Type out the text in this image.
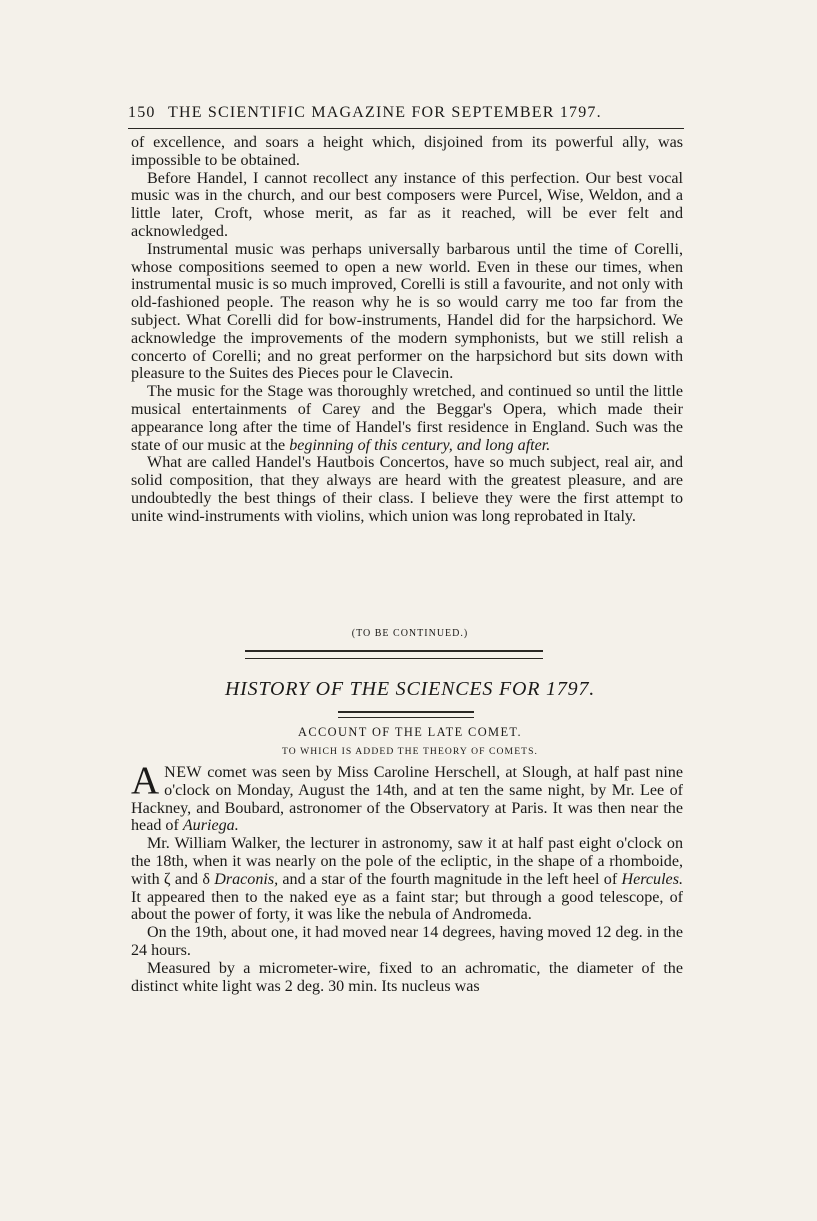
150 THE SCIENTIFIC MAGAZINE FOR SEPTEMBER 1797.

of excellence, and soars a height which, disjoined from its powerful ally, was impossible to be obtained.

Before Handel, I cannot recollect any instance of this perfection. Our best vocal music was in the church, and our best composers were Purcel, Wise, Weldon, and a little later, Croft, whose merit, as far as it reached, will be ever felt and acknowledged.

Instrumental music was perhaps universally barbarous until the time of Corelli, whose compositions seemed to open a new world. Even in these our times, when instrumental music is so much improved, Corelli is still a favourite, and not only with old-fashioned people. The reason why he is so would carry me too far from the subject. What Corelli did for bow-instruments, Handel did for the harpsichord. We acknowledge the improvements of the modern symphonists, but we still relish a concerto of Corelli; and no great performer on the harpsichord but sits down with pleasure to the Suites des Pieces pour le Clavecin.

The music for the Stage was thoroughly wretched, and continued so until the little musical entertainments of Carey and the Beggar's Opera, which made their appearance long after the time of Handel's first residence in England. Such was the state of our music at the beginning of this century, and long after.

What are called Handel's Hautbois Concertos, have so much subject, real air, and solid composition, that they always are heard with the greatest pleasure, and are undoubtedly the best things of their class. I believe they were the first attempt to unite wind-instruments with violins, which union was long reprobated in Italy.

(TO BE CONTINUED.)
HISTORY OF THE SCIENCES FOR 1797.
ACCOUNT OF THE LATE COMET.
TO WHICH IS ADDED THE THEORY OF COMETS.

ANEW comet was seen by Miss Caroline Herschell, at Slough, at half past nine o'clock on Monday, August the 14th, and at ten the same night, by Mr. Lee of Hackney, and Boubard, astronomer of the Observatory at Paris. It was then near the head of Auriega.

Mr. William Walker, the lecturer in astronomy, saw it at half past eight o'clock on the 18th, when it was nearly on the pole of the ecliptic, in the shape of a rhomboide, with ζ and δ Draconis, and a star of the fourth magnitude in the left heel of Hercules. It appeared then to the naked eye as a faint star; but through a good telescope, of about the power of forty, it was like the nebula of Andromeda.

On the 19th, about one, it had moved near 14 degrees, having moved 12 deg. in the 24 hours.

Measured by a micrometer-wire, fixed to an achromatic, the diameter of the distinct white light was 2 deg. 30 min. Its nucleus was
